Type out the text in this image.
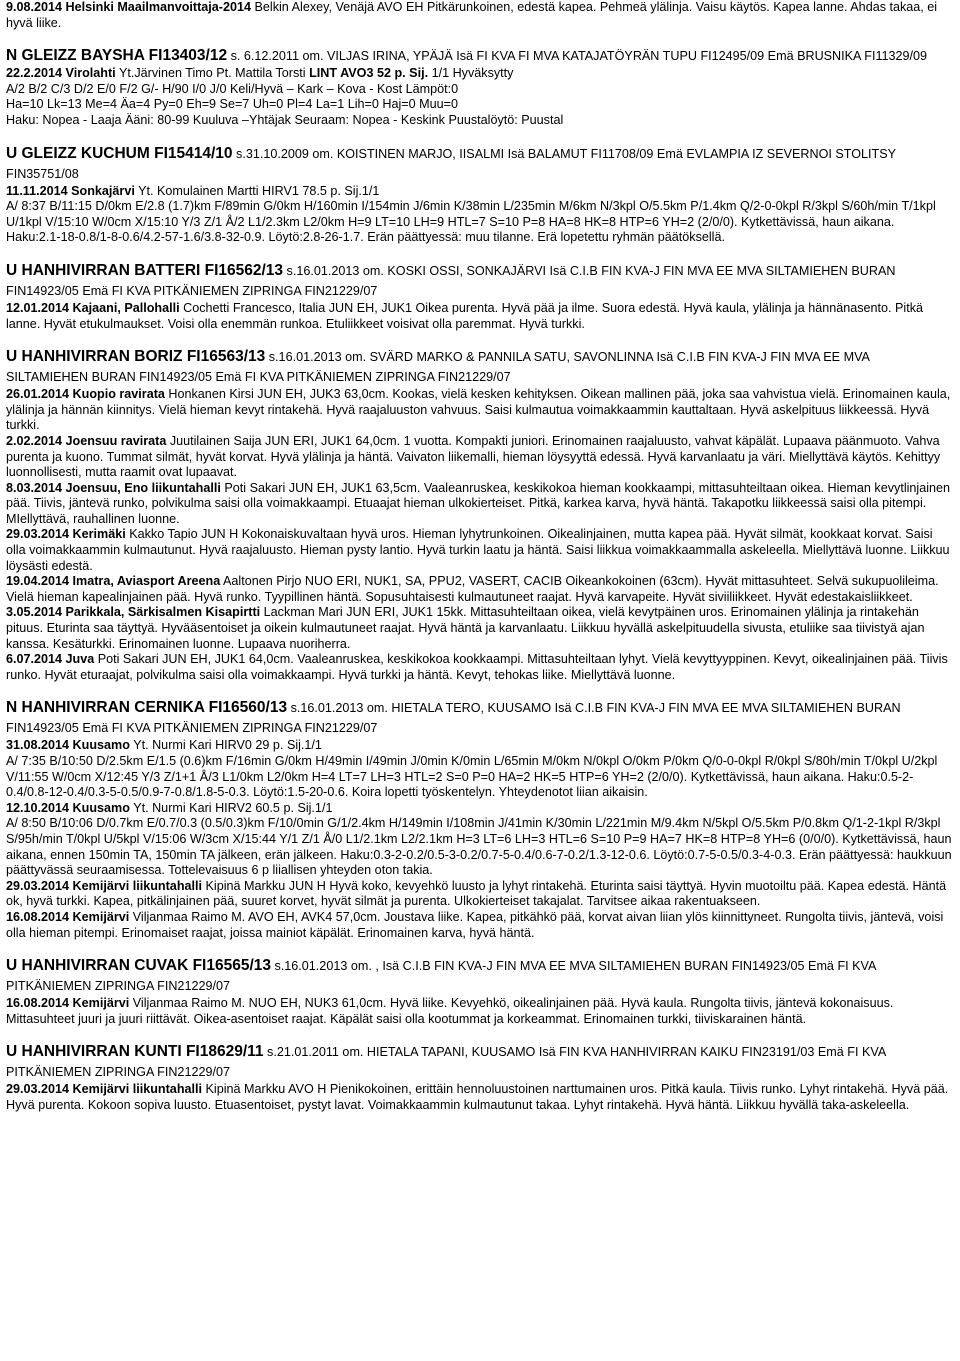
9.08.2014 Helsinki Maailmanvoittaja-2014 Belkin Alexey, Venäjä AVO EH Pitkärunkoinen, edestä kapea. Pehmeä ylälinja. Vaisu käytös. Kapea lanne. Ahdas takaa, ei hyvä liike.

N GLEIZZ BAYSHA FI13403/12 s. 6.12.2011 om. VILJAS IRINA, YPÄJÄ Isä FI KVA FI MVA KATAJATÖYRÄN TUPU FI12495/09 Emä BRUSNIKA FI11329/09

22.2.2014 Virolahti Yt.Järvinen Timo Pt. Mattila Torsti LINT AVO3 52 p. Sij. 1/1 Hyväksytty

A/2 B/2 C/3 D/2 E/0 F/2 G/- H/90 I/0 J/0 Keli/Hyvä – Kark – Kova - Kost Lämpöt:0

Ha=10 Lk=13 Me=4 Äa=4 Py=0 Eh=9 Se=7 Uh=0 Pl=4 La=1 Lih=0 Haj=0 Muu=0

Haku: Nopea - Laaja Ääni: 80-99 Kuuluva –Yhtäjak Seuraam: Nopea - Keskink Puustalöytö: Puustal

U GLEIZZ KUCHUM FI15414/10 s.31.10.2009 om. KOISTINEN MARJO, IISALMI Isä BALAMUT FI11708/09 Emä EVLAMPIA IZ SEVERNOI STOLITSY FIN35751/08

11.11.2014 Sonkajärvi Yt. Komulainen Martti HIRV1 78.5 p. Sij.1/1

A/ 8:37 B/11:15 D/0km E/2.8 (1.7)km F/89min G/0km H/160min I/154min J/6min K/38min L/235min M/6km N/3kpl O/5.5km P/1.4km Q/2-0-0kpl R/3kpl S/60h/min T/1kpl U/1kpl V/15:10 W/0cm X/15:10 Y/3 Z/1 Å/2 L1/2.3km L2/0km H=9 LT=10 LH=9 HTL=7 S=10 P=8 HA=8 HK=8 HTP=6 YH=2 (2/0/0). Kytkettävissä, haun aikana. Haku:2.1-18-0.8/1-8-0.6/4.2-57-1.6/3.8-32-0.9. Löytö:2.8-26-1.7. Erän päättyessä: muu tilanne. Erä lopetettu ryhmän päätöksellä.

U HANHIVIRRAN BATTERI FI16562/13 s.16.01.2013 om. KOSKI OSSI, SONKAJÄRVI Isä C.I.B FIN KVA-J FIN MVA EE MVA SILTAMIEHEN BURAN FIN14923/05 Emä FI KVA PITKÄNIEMEN ZIPRINGA FIN21229/07

12.01.2014 Kajaani, Pallohalli Cochetti Francesco, Italia JUN EH, JUK1 Oikea purenta. Hyvä pää ja ilme. Suora edestä. Hyvä kaula, ylälinja ja hännänasento. Pitkä lanne. Hyvät etukulmaukset. Voisi olla enemmän runkoa. Etuliikkeet voisivat olla paremmat. Hyvä turkki.

U HANHIVIRRAN BORIZ FI16563/13 s.16.01.2013 om. SVÄRD MARKO & PANNILA SATU, SAVONLINNA Isä C.I.B FIN KVA-J FIN MVA EE MVA SILTAMIEHEN BURAN FIN14923/05 Emä FI KVA PITKÄNIEMEN ZIPRINGA FIN21229/07

26.01.2014 Kuopio ravirata Honkanen Kirsi JUN EH, JUK3 63,0cm. Kookas, vielä kesken kehityksen. Oikean mallinen pää, joka saa vahvistua vielä. Erinomainen kaula, ylälinja ja hännän kiinnitys. Vielä hieman kevyt rintakehä. Hyvä raajaluuston vahvuus. Saisi kulmautua voimakkaammin kauttaltaan. Hyvä askelpituus liikkeessä. Hyvä turkki.

2.02.2014 Joensuu ravirata Juutilainen Saija JUN ERI, JUK1 64,0cm. 1 vuotta. Kompakti juniori. Erinomainen raajaluusto, vahvat käpälät. Lupaava päänmuoto. Vahva purenta ja kuono. Tummat silmät, hyvät korvat. Hyvä ylälinja ja häntä. Vaivaton liikemalli, hieman löysyyttä edessä. Hyvä karvanlaatu ja väri. Miellyttävä käytös. Kehittyy luonnollisesti, mutta raamit ovat lupaavat.

8.03.2014 Joensuu, Eno liikuntahalli Poti Sakari JUN EH, JUK1 63,5cm. Vaaleanruskea, keskikokoa hieman kookkaampi, mittasuhteiltaan oikea. Hieman kevytlinjainen pää. Tiivis, jäntevä runko, polvikulma saisi olla voimakkaampi. Etuaajat hieman ulkokierteiset. Pitkä, karkea karva, hyvä häntä. Takapotku liikkeessä saisi olla pitempi. MIellyttävä, rauhallinen luonne.

29.03.2014 Kerimäki Kakko Tapio JUN H Kokonaiskuvaltaan hyvä uros. Hieman lyhytrunkoinen. Oikealinjainen, mutta kapea pää. Hyvät silmät, kookkaat korvat. Saisi olla voimakkaammin kulmautunut. Hyvä raajaluusto. Hieman pysty lantio. Hyvä turkin laatu ja häntä. Saisi liikkua voimakkaammalla askeleella. Miellyttävä luonne. Liikkuu löysästi edestä.

19.04.2014 Imatra, Aviasport Areena Aaltonen Pirjo NUO ERI, NUK1, SA, PPU2, VASERT, CACIB Oikeankokoinen (63cm). Hyvät mittasuhteet. Selvä sukupuolileima. Vielä hieman kapealinjainen pää. Hyvä runko. Tyypillinen häntä. Sopusuhtaisesti kulmautuneet raajat. Hyvä karvapeite. Hyvät siviiliikkeet. Hyvät edestakaisliikkeet.

3.05.2014 Parikkala, Särkisalmen Kisapirtti Lackman Mari JUN ERI, JUK1 15kk. Mittasuhteiltaan oikea, vielä kevytpäinen uros. Erinomainen ylälinja ja rintakehän pituus. Eturinta saa täyttyä. Hyvääsentoiset ja oikein kulmautuneet raajat. Hyvä häntä ja karvanlaatu. Liikkuu hyvällä askelpituudella sivusta, etuliike saa tiivistyä ajan kanssa. Kesäturkki. Erinomainen luonne. Lupaava nuoriherra.

6.07.2014 Juva Poti Sakari JUN EH, JUK1 64,0cm. Vaaleanruskea, keskikokoa kookkaampi. Mittasuhteiltaan lyhyt. Vielä kevyttyyppinen. Kevyt, oikealinjainen pää. Tiivis runko. Hyvät eturaajat, polvikulma saisi olla voimakkaampi. Hyvä turkki ja häntä. Kevyt, tehokas liike. Miellyttävä luonne.

N HANHIVIRRAN CERNIKA FI16560/13 s.16.01.2013 om. HIETALA TERO, KUUSAMO Isä C.I.B FIN KVA-J FIN MVA EE MVA SILTAMIEHEN BURAN FIN14923/05 Emä FI KVA PITKÄNIEMEN ZIPRINGA FIN21229/07

31.08.2014 Kuusamo Yt. Nurmi Kari HIRV0 29 p. Sij.1/1

A/ 7:35 B/10:50 D/2.5km E/1.5 (0.6)km F/16min G/0km H/49min I/49min J/0min K/0min L/65min M/0km N/0kpl O/0km P/0km Q/0-0-0kpl R/0kpl S/80h/min T/0kpl U/2kpl V/11:55 W/0cm X/12:45 Y/3 Z/1+1 Å/3 L1/0km L2/0km H=4 LT=7 LH=3 HTL=2 S=0 P=0 HA=2 HK=5 HTP=6 YH=2 (2/0/0). Kytkettävissä, haun aikana. Haku:0.5-2-0.4/0.8-12-0.4/0.3-5-0.5/0.9-7-0.8/1.8-5-0.3. Löytö:1.5-20-0.6. Koira lopetti työskentelyn. Yhteydenotot liian aikaisin.

12.10.2014 Kuusamo Yt. Nurmi Kari HIRV2 60.5 p. Sij.1/1

A/ 8:50 B/10:06 D/0.7km E/0.7/0.3 (0.5/0.3)km F/10/0min G/1/2.4km H/149min I/108min J/41min K/30min L/221min M/9.4km N/5kpl O/5.5km P/0.8km Q/1-2-1kpl R/3kpl S/95h/min T/0kpl U/5kpl V/15:06 W/3cm X/15:44 Y/1 Z/1 Å/0 L1/2.1km L2/2.1km H=3 LT=6 LH=3 HTL=6 S=10 P=9 HA=7 HK=8 HTP=8 YH=6 (0/0/0). Kytkettävissä, haun aikana, ennen 150min TA, 150min TA jälkeen, erän jälkeen. Haku:0.3-2-0.2/0.5-3-0.2/0.7-5-0.4/0.6-7-0.2/1.3-12-0.6. Löytö:0.7-5-0.5/0.3-4-0.3. Erän päättyessä: haukkuun päättyvässä seuraamisessa. Tottelevaisuus 6 p liiallisen yhteyden oton takia.

29.03.2014 Kemijärvi liikuntahalli Kipinä Markku JUN H Hyvä koko, kevyehkö luusto ja lyhyt rintakehä. Eturinta saisi täyttyä. Hyvin muotoiltu pää. Kapea edestä. Häntä ok, hyvä turkki. Kapea, pitkälinjainen pää, suuret korvet, hyvät silmät ja purenta. Ulkokierteiset takajalat. Tarvitsee aikaa rakentuakseen.

16.08.2014 Kemijärvi Viljanmaa Raimo M. AVO EH, AVK4 57,0cm. Joustava liike. Kapea, pitkähkö pää, korvat aivan liian ylös kiinnittyneet. Rungolta tiivis, jäntevä, voisi olla hieman pitempi. Erinomaiset raajat, joissa mainiot käpälät. Erinomainen karva, hyvä häntä.

U HANHIVIRRAN CUVAK FI16565/13 s.16.01.2013 om. , Isä C.I.B FIN KVA-J FIN MVA EE MVA SILTAMIEHEN BURAN FIN14923/05 Emä FI KVA PITKÄNIEMEN ZIPRINGA FIN21229/07

16.08.2014 Kemijärvi Viljanmaa Raimo M. NUO EH, NUK3 61,0cm. Hyvä liike. Kevyehkö, oikealinjainen pää. Hyvä kaula. Rungolta tiivis, jäntevä kokonaisuus. Mittasuhteet juuri ja juuri riittävät. Oikea-asentoiset raajat. Käpälät saisi olla kootummat ja korkeammat. Erinomainen turkki, tiiviskarainen häntä.

U HANHIVIRRAN KUNTI FI18629/11 s.21.01.2011 om. HIETALA TAPANI, KUUSAMO Isä FIN KVA HANHIVIRRAN KAIKU FIN23191/03 Emä FI KVA PITKÄNIEMEN ZIPRINGA FIN21229/07

29.03.2014 Kemijärvi liikuntahalli Kipinä Markku AVO H Pienikokoinen, erittäin hennoluustoinen narttumainen uros. Pitkä kaula. Tiivis runko. Lyhyt rintakehä. Hyvä pää. Hyvä purenta. Kokoon sopiva luusto. Etuasentoiset, pystyt lavat. Voimakkaammin kulmautunut takaa. Lyhyt rintakehä. Hyvä häntä. Liikkuu hyvällä taka-askeleella.
